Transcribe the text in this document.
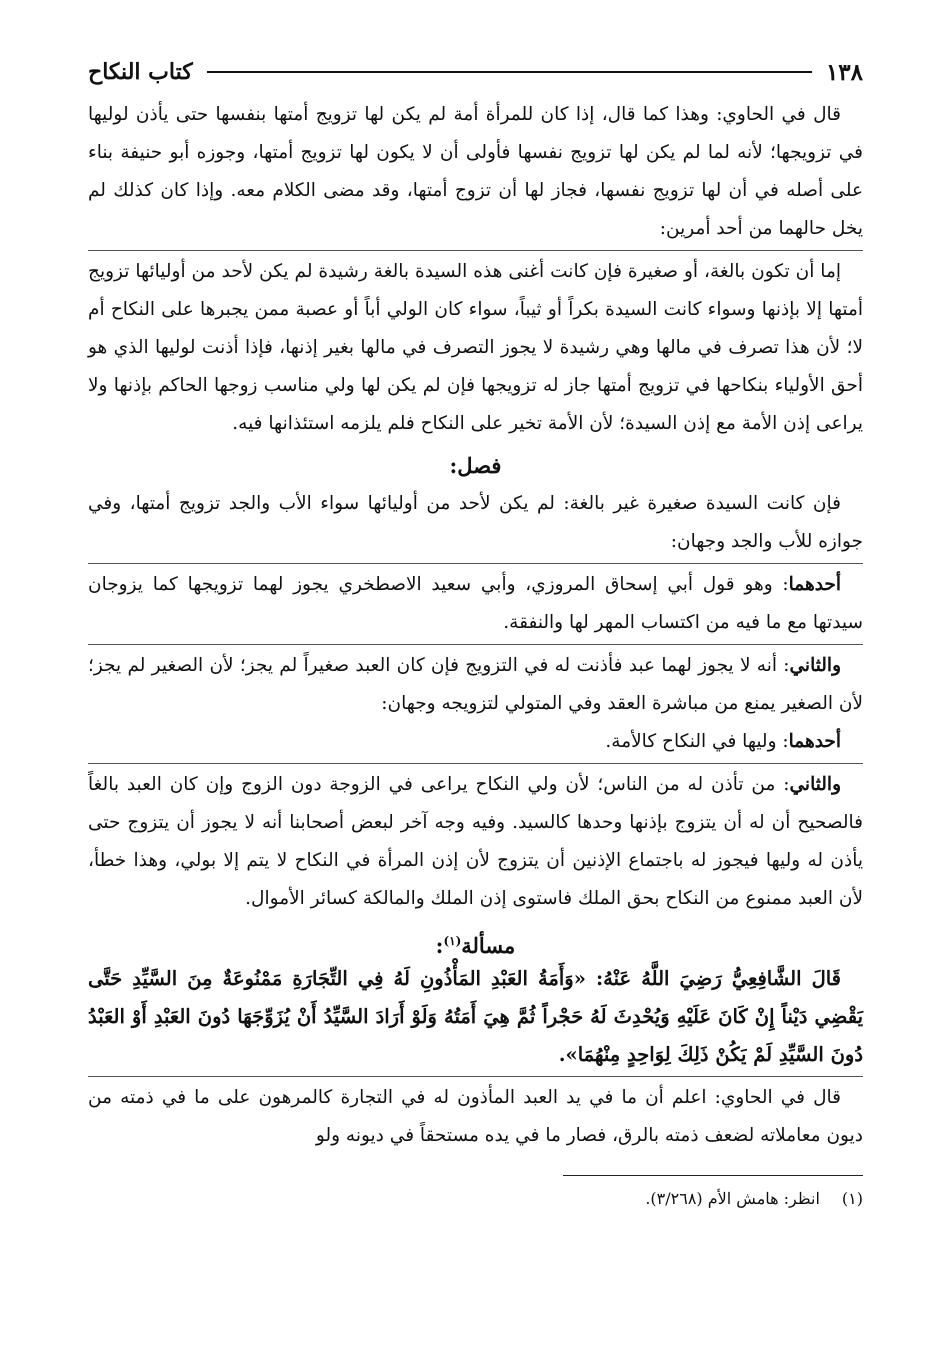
١٣٨
كتاب النكاح

قال في الحاوي: وهذا كما قال، إذا كان للمرأة أمة لم يكن لها تزويج أمتها بنفسها حتى يأذن لوليها في تزويجها؛ لأنه لما لم يكن لها تزويج نفسها فأولى أن لا يكون لها تزويج أمتها، وجوزه أبو حنيفة بناء على أصله في أن لها تزويج نفسها، فجاز لها أن تزوج أمتها، وقد مضى الكلام معه. وإذا كان كذلك لم يخل حالهما من أحد أمرين:

إما أن تكون بالغة، أو صغيرة فإن كانت أغنى هذه السيدة بالغة رشيدة لم يكن لأحد من أوليائها تزويج أمتها إلا بإذنها وسواء كانت السيدة بكراً أو ثيباً، سواء كان الولي أباً أو عصبة ممن يجبرها على النكاح أم لا؛ لأن هذا تصرف في مالها وهي رشيدة لا يجوز التصرف في مالها بغير إذنها، فإذا أذنت لوليها الذي هو أحق الأولياء بنكاحها في تزويج أمتها جاز له تزويجها فإن لم يكن لها ولي مناسب زوجها الحاكم بإذنها ولا يراعى إذن الأمة مع إذن السيدة؛ لأن الأمة تخير على النكاح فلم يلزمه استئذانها فيه.

فصل:

فإن كانت السيدة صغيرة غير بالغة: لم يكن لأحد من أوليائها سواء الأب والجد تزويج أمتها، وفي جوازه للأب والجد وجهان:

أحدهما: وهو قول أبي إسحاق المروزي، وأبي سعيد الاصطخري يجوز لهما تزويجها كما يزوجان سيدتها مع ما فيه من اكتساب المهر لها والنفقة.

والثاني: أنه لا يجوز لهما عبد فأذنت له في التزويج فإن كان العبد صغيراً لم يجز؛ لأن الصغير لم يجز؛ لأن الصغير يمنع من مباشرة العقد وفي المتولي لتزويجه وجهان:

أحدهما: وليها في النكاح كالأمة.

والثاني: من تأذن له من الناس؛ لأن ولي النكاح يراعى في الزوجة دون الزوج وإن كان العبد بالغاً فالصحيح أن له أن يتزوج بإذنها وحدها كالسيد. وفيه وجه آخر لبعض أصحابنا أنه لا يجوز أن يتزوج حتى يأذن له وليها فيجوز له باجتماع الإذنين أن يتزوج لأن إذن المرأة في النكاح لا يتم إلا بولي، وهذا خطأ، لأن العبد ممنوع من النكاح بحق الملك فاستوى إذن الملك والمالكة كسائر الأموال.

مسألة$^{(١)}$:

قَالَ الشَّافِعِيُّ رَضِيَ اللَّهُ عَنْهُ: «وَأَمَةُ العَبْدِ المَأْذُونِ لَهُ فِي التِّجَارَةِ مَمْنُوعَةٌ مِنَ السَّيِّدِ حَتَّى يَقْضِي دَيْناً إِنْ كَانَ عَلَيْهِ وَيُحْدِثَ لَهُ حَجْراً ثُمَّ هِيَ أَمَتُهُ وَلَوْ أَرَادَ السَّيِّدُ أَنْ يُزَوِّجَهَا دُونَ العَبْدِ أَوْ العَبْدُ دُونَ السَّيِّدِ لَمْ يَكُنْ ذَلِكَ لِوَاحِدٍ مِنْهُمَا».

قال في الحاوي: اعلم أن ما في يد العبد المأذون له في التجارة كالمرهون على ما في ذمته من ديون معاملاته لضعف ذمته بالرق، فصار ما في يده مستحقاً في ديونه ولو

(١)انظر: هامش الأم (٣/٢٦٨).
